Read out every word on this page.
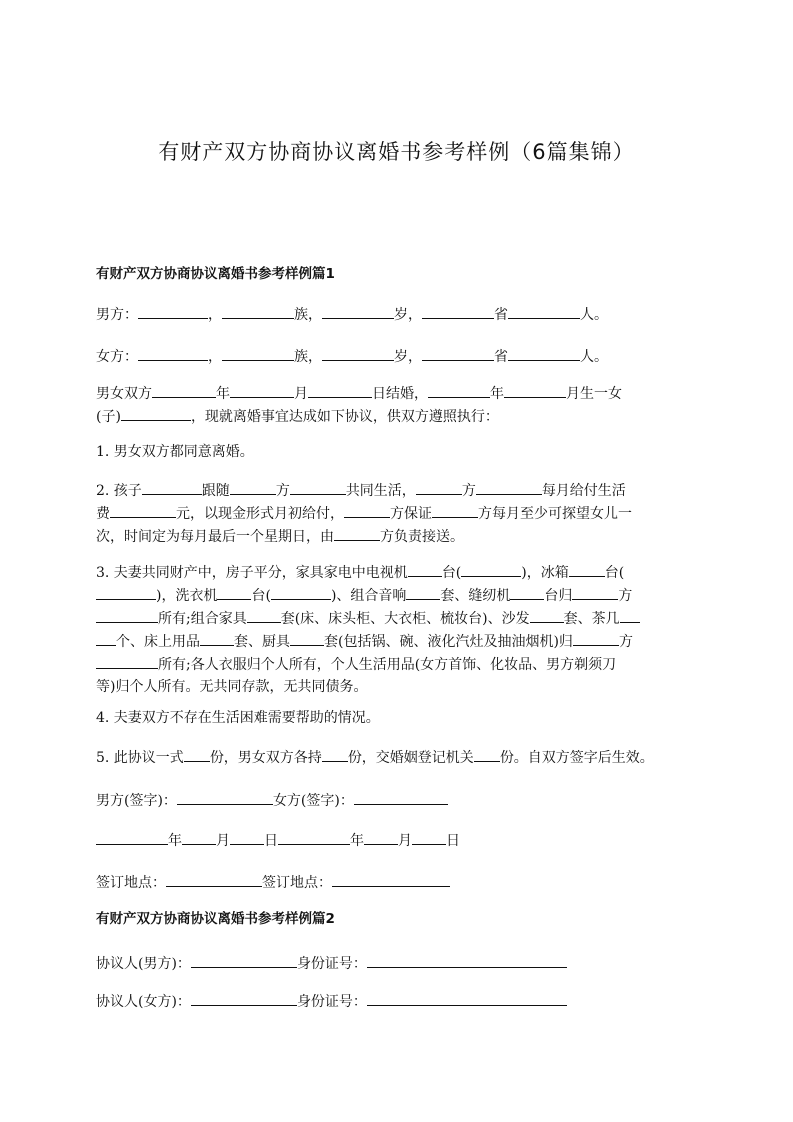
有财产双方协商协议离婚书参考样例（6篇集锦）
有财产双方协商协议离婚书参考样例篇1
男方：	，	族，	岁，	省	人。
女方：	，	族，	岁，	省	人。
男女双方	年	月	日结婚，	年	月生一女
(子)	，现就离婚事宜达成如下协议，供双方遵照执行：
1. 男女双方都同意离婚。
2. 孩子	跟随	方	共同生活，	方	每月给付生活
费	元，以现金形式月初给付，	方保证	方每月至少可探望女儿一
次，时间定为每月最后一个星期日，由	方负责接送。
3. 夫妻共同财产中，房子平分，家具家电中电视机 台(	)，冰箱	台(
)，洗衣机 台(	)、组合音响 套、缝纫机 台归	方
所有;组合家具 套(床、床头柜、大衣柜、梳妆台)、沙发 套、茶几
个、床上用品 套、厨具 套(包括锅、碗、液化汽灶及抽油烟机)归	方
所有;各人衣服归个人所有，个人生活用品(女方首饰、化妆品、男方剃须刀
等)归个人所有。无共同存款，无共同债务。
4. 夫妻双方不存在生活困难需要帮助的情况。
5. 此协议一式 份，男女双方各持 份，交婚姻登记机关 份。自双方签字后生效。
男方(签字)：	女方(签字)：
年 月 日	年 月 日
签订地点：	签订地点：
有财产双方协商协议离婚书参考样例篇2
协议人(男方)：	身份证号：
协议人(女方)：	身份证号：
